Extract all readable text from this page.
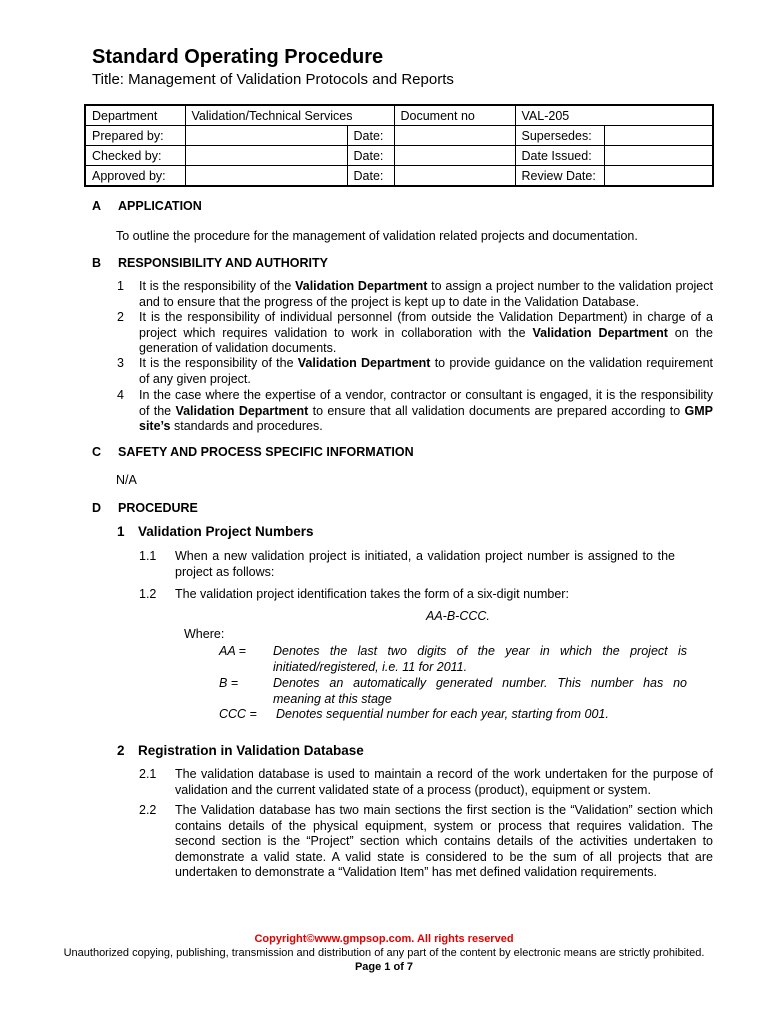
Standard Operating Procedure
Title: Management of Validation Protocols and Reports
Department	Validation/Technical Services		Document no	VAL-205	
Prepared by:		Date:		Supersedes:	
Checked by:		Date:		Date Issued:	
Approved by:		Date:		Review Date:	
A APPLICATION
To outline the procedure for the management of validation related projects and documentation.
B RESPONSIBILITY AND AUTHORITY
1 It is the responsibility of the Validation Department to assign a project number to the validation project and to ensure that the progress of the project is kept up to date in the Validation Database.
2 It is the responsibility of individual personnel (from outside the Validation Department) in charge of a project which requires validation to work in collaboration with the Validation Department on the generation of validation documents.
3 It is the responsibility of the Validation Department to provide guidance on the validation requirement of any given project.
4 In the case where the expertise of a vendor, contractor or consultant is engaged, it is the responsibility of the Validation Department to ensure that all validation documents are prepared according to GMP site’s standards and procedures.
C SAFETY AND PROCESS SPECIFIC INFORMATION
N/A
D PROCEDURE
1 Validation Project Numbers
1.1 When a new validation project is initiated, a validation project number is assigned to the project as follows:
1.2 The validation project identification takes the form of a six-digit number:
AA-B-CCC.
Where:
AA = Denotes the last two digits of the year in which the project is initiated/registered, i.e. 11 for 2011.
B =	Denotes an automatically generated number. This number has no meaning at this stage
CCC = Denotes sequential number for each year, starting from 001.
2 Registration in Validation Database
2.1 The validation database is used to maintain a record of the work undertaken for the purpose of validation and the current validated state of a process (product), equipment or system.
2.2 The Validation database has two main sections the first section is the “Validation” section which contains details of the physical equipment, system or process that requires validation. The second section is the “Project” section which contains details of the activities undertaken to demonstrate a valid state. A valid state is considered to be the sum of all projects that are undertaken to demonstrate a “Validation Item” has met defined validation requirements.
Copyright©www.gmpsop.com. All rights reserved
Unauthorized copying, publishing, transmission and distribution of any part of the content by electronic means are strictly prohibited. Page 1 of 7
